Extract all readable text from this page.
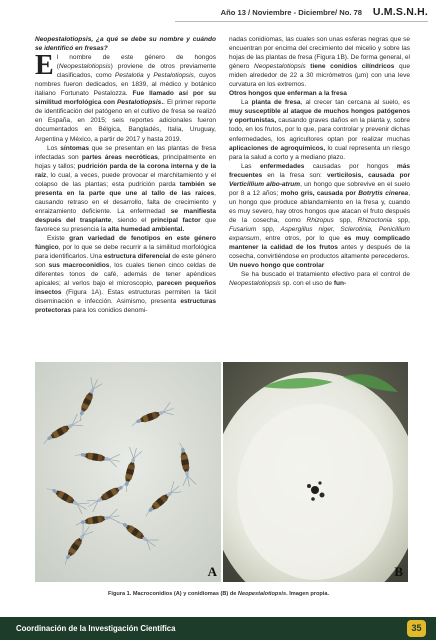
Año 13 / Noviembre - Diciembre/ No. 78 U.M.S.N.H.

Neopestalotiopsis, ¿a qué se debe su nombre y cuándo se identificó en fresas?

El nombre de este género de hongos (Neopestalotiopsis) proviene de otros previamente clasificados, como Pestalotia y Pestalotiopsis, cuyos nombres fueron dedicados, en 1839, al médico y botánico italiano Fortunato Pestalozza. Fue llamado así por su similitud morfológica con Pestalotiopsis.. El primer reporte de identificación del patógeno en el cultivo de fresa se realizó en España, en 2015; seis reportes adicionales fueron documentados en Bélgica, Bangladés, Italia, Uruguay, Argentina y México, a partir de 2017 y hasta 2019.

Los síntomas que se presentan en las plantas de fresa infectadas son partes áreas necróticas, principalmente en hojas y tallos; pudrición parda de la corona interna y de la raíz, lo cual, a veces, puede provocar el marchitamiento y el colapso de las plantas; esta pudrición parda también se presenta en la parte que une al tallo de las raíces, causando retraso en el desarrollo, falta de crecimiento y enraizamiento deficiente. La enfermedad se manifiesta después del trasplante, siendo el principal factor que favorece su presencia la alta humedad ambiental.

Existe gran variedad de fenotipos en este género fúngico, por lo que se debe recurrir a la similitud morfológica para identificarlos. Una estructura diferencial de este género son sus macroconidios, los cuales tienen cinco celdas de diferentes tonos de café, además de tener apéndices apicales; al verlos bajo el microscopio, parecen pequeños insectos (Figura 1A). Estas estructuras permiten la fácil diseminación e infección. Asimismo, presenta estructuras protectoras para los conidios denomi-

nadas conidiomas, las cuales son unas esferas negras que se encuentran por encima del crecimiento del micelio y sobre las hojas de las plantas de fresa (Figura 1B). De forma general, el género Neopestalotiopsis tiene conidios cilíndricos que miden alrededor de 22 a 30 micrómetros (µm) con una leve curvatura en los extremos.

Otros hongos que enferman a la fresa

La planta de fresa, al crecer tan cercana al suelo, es muy susceptible al ataque de muchos hongos patógenos y oportunistas, causando graves daños en la planta y, sobre todo, en los frutos, por lo que, para controlar y prevenir dichas enfermedades, los agricultores optan por realizar muchas aplicaciones de agroquímicos, lo cual representa un riesgo para la salud a corto y a mediano plazo.

Las enfermedades causadas por hongos más frecuentes en la fresa son: verticilosis, causada por Verticillium albo-atrum, un hongo que sobrevive en el suelo por 8 a 12 años; moho gris, causada por Botrytis cinerea, un hongo que produce ablandamiento en la fresa y, cuando es muy severo, hay otros hongos que atacan el fruto después de la cosecha, como Rhizopus spp, Rhizoctonia spp, Fusarium spp, Aspergillus niger, Sclerotinia, Penicillium expansum, entre otros, por lo que es muy complicado mantener la calidad de los frutos antes y después de la cosecha, convirtiéndose en productos altamente perecederos.

Un nuevo hongo que controlar

Se ha buscado el tratamiento efectivo para el control de Neopestalotiopsis sp. con el uso de fun-

A	B
Figura 1. Macroconidios (A) y conidiomas (B) de Neopestalotiopsis. Imagen propia.
Coordinación de la Investigación Científica	35
